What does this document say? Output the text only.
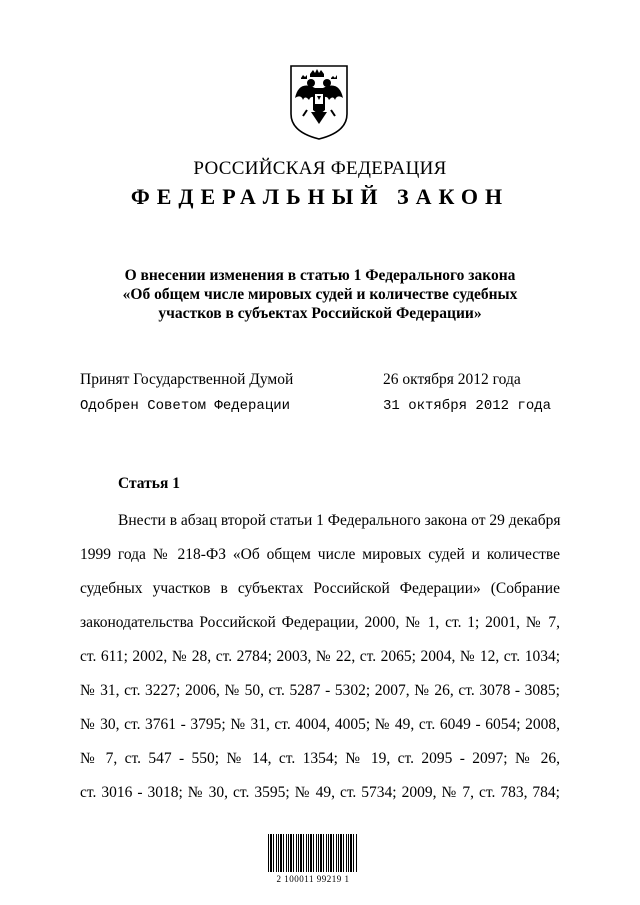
РОССИЙСКАЯ ФЕДЕРАЦИЯ
ФЕДЕРАЛЬНЫЙ ЗАКОН
О внесении изменения в статью 1 Федерального закона
«Об общем числе мировых судей и количестве судебных
участков в субъектах Российской Федерации»
Принят Государственной Думой	26 октября 2012 года
Одобрен Советом Федерации	31 октября 2012 года
Статья 1
Внести в абзац второй статьи 1 Федерального закона от 29 декабря
1999 года № 218-ФЗ «Об общем числе мировых судей и количестве
судебных участков в субъектах Российской Федерации» (Собрание
законодательства Российской Федерации, 2000, № 1, ст. 1; 2001, № 7,
ст. 611; 2002, № 28, ст. 2784; 2003, № 22, ст. 2065; 2004, № 12, ст. 1034;
№ 31, ст. 3227; 2006, № 50, ст. 5287 - 5302; 2007, № 26, ст. 3078 - 3085;
№ 30, ст. 3761 - 3795; № 31, ст. 4004, 4005; № 49, ст. 6049 - 6054; 2008,
№ 7, ст. 547 - 550; № 14, ст. 1354; № 19, ст. 2095 - 2097; № 26,
ст. 3016 - 3018; № 30, ст. 3595; № 49, ст. 5734; 2009, № 7, ст. 783, 784;
2 100011 99219 1
